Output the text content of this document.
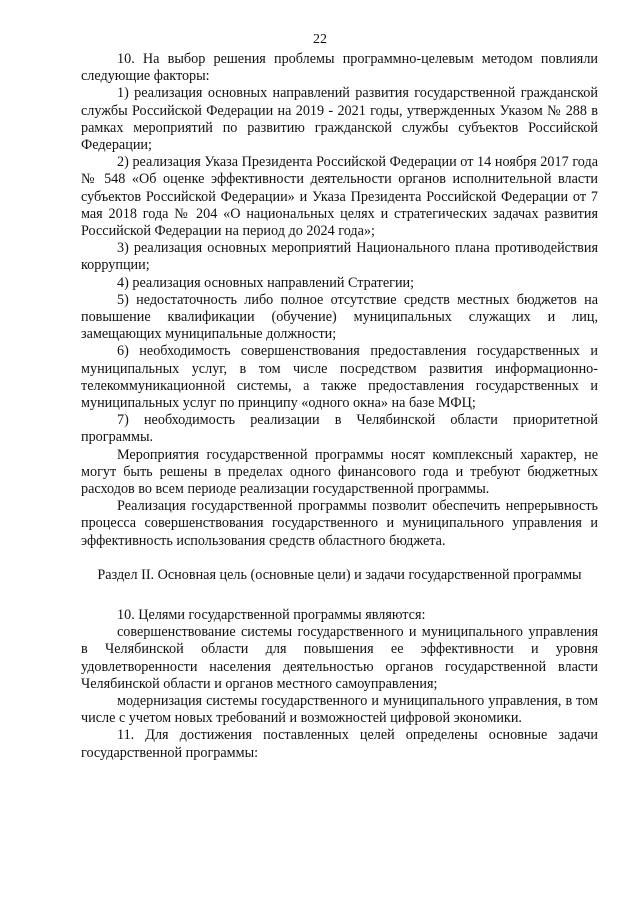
22

10. На выбор решения проблемы программно-целевым методом повлияли следующие факторы:

1) реализация основных направлений развития государственной гражданской службы Российской Федерации на 2019 - 2021 годы, утвержденных Указом № 288 в рамках мероприятий по развитию гражданской службы субъектов Российской Федерации;

2) реализация Указа Президента Российской Федерации от 14 ноября 2017 года № 548 «Об оценке эффективности деятельности органов исполнительной власти субъектов Российской Федерации» и Указа Президента Российской Федерации от 7 мая 2018 года № 204 «О национальных целях и стратегических задачах развития Российской Федерации на период до 2024 года»;

3) реализация основных мероприятий Национального плана противодействия коррупции;

4) реализация основных направлений Стратегии;

5) недостаточность либо полное отсутствие средств местных бюджетов на повышение квалификации (обучение) муниципальных служащих и лиц, замещающих муниципальные должности;

6) необходимость совершенствования предоставления государственных и муниципальных услуг, в том числе посредством развития информационно-телекоммуникационной системы, а также предоставления государственных и муниципальных услуг по принципу «одного окна» на базе МФЦ;

7) необходимость реализации в Челябинской области приоритетной программы.

Мероприятия государственной программы носят комплексный характер, не могут быть решены в пределах одного финансового года и требуют бюджетных расходов во всем периоде реализации государственной программы.

Реализация государственной программы позволит обеспечить непрерывность процесса совершенствования государственного и муниципального управления и эффективность использования средств областного бюджета.

Раздел II. Основная цель (основные цели) и задачи государственной программы

10. Целями государственной программы являются:

совершенствование системы государственного и муниципального управления в Челябинской области для повышения ее эффективности и уровня удовлетворенности населения деятельностью органов государственной власти Челябинской области и органов местного самоуправления;

модернизация системы государственного и муниципального управления, в том числе с учетом новых требований и возможностей цифровой экономики.

11. Для достижения поставленных целей определены основные задачи государственной программы:
